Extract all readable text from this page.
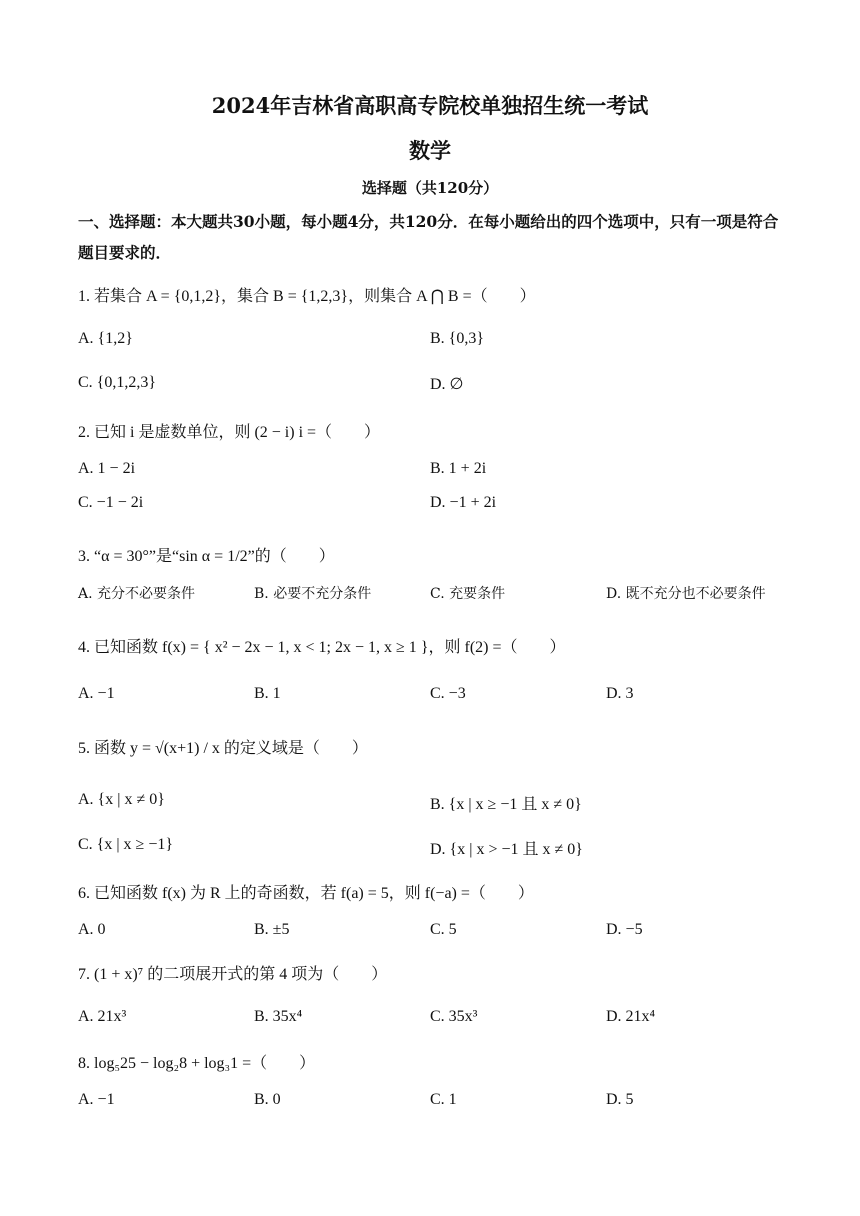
2024年吉林省高职高专院校单独招生统一考试
数学
选择题（共120分）
一、选择题：本大题共30小题，每小题4分，共120分．在每小题给出的四个选项中，只有一项是符合题目要求的．
1. 若集合 A = {0,1,2}，集合 B = {1,2,3}，则集合 A ⋂ B =（　　）
A. {1,2}	B. {0,3}
C. {0,1,2,3}	D. ∅
2. 已知 i 是虚数单位，则 (2 − i) i =（　　）
A. 1 − 2i	B. 1 + 2i
C. −1 − 2i	D. −1 + 2i
3. “α = 30°”是“sin α = 1/2”的（　　）
A. 充分不必要条件	B. 必要不充分条件	C. 充要条件	D. 既不充分也不必要条件
4. 已知函数 f(x) = { x² − 2x − 1, x < 1; 2x − 1, x ≥ 1 }，则 f(2) =（　　）
A. −1	B. 1	C. −3	D. 3
5. 函数 y = √(x+1) / x 的定义域是（　　）
A. {x | x ≠ 0}	B. {x | x ≥ −1 且 x ≠ 0}
C. {x | x ≥ −1}	D. {x | x > −1 且 x ≠ 0}
6. 已知函数 f(x) 为 R 上的奇函数，若 f(a) = 5，则 f(−a) =（　　）
A. 0	B. ±5	C. 5	D. −5
7. (1 + x)⁷ 的二项展开式的第 4 项为（　　）
A. 21x³	B. 35x⁴	C. 35x³	D. 21x⁴
8. log₅25 − log₂8 + log₃1 =（　　）
A. −1	B. 0	C. 1	D. 5
